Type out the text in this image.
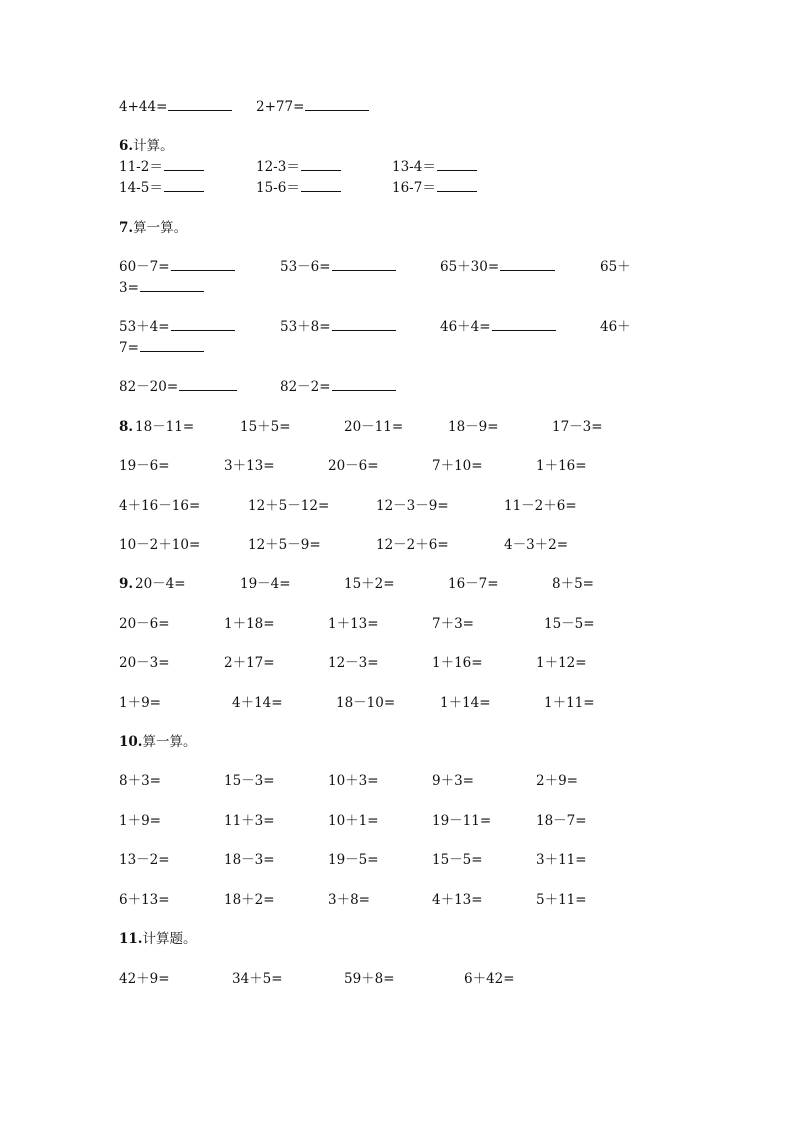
4+44=	2+77=
6.计算。
11-2＝	12-3＝	13-4＝
14-5＝	15-6＝	16-7＝
7.算一算。
60－7=	53－6=	65＋30=	65＋
3=
53＋4=	53＋8=	46＋4=	46＋
7=
82－20=	82－2=
8. 18－11=	15＋5=	20－11=	18－9=	17－3=
19－6=	3＋13=	20－6=	7＋10=	1＋16=
4＋16－16=	12＋5－12=	12－3－9=	11－2＋6=
10－2＋10=	12＋5－9=	12－2＋6=	4－3＋2=
9. 20－4=	19－4=	15＋2=	16－7=	8＋5=
20－6=	1＋18=	1＋13=	7＋3=	15－5=
20－3=	2＋17=	12－3=	1＋16=	1＋12=
1＋9=	4＋14=	18－10=	1＋14=	1＋11=
10.算一算。
8＋3=	15－3=	10＋3=	9＋3=	2＋9=
1＋9=	11＋3=	10＋1=	19－11=	18－7=
13－2=	18－3=	19－5=	15－5=	3＋11=
6＋13=	18＋2=	3＋8=	4＋13=	5＋11=
11.计算题。
42＋9=	34＋5=	59＋8=	6＋42=
